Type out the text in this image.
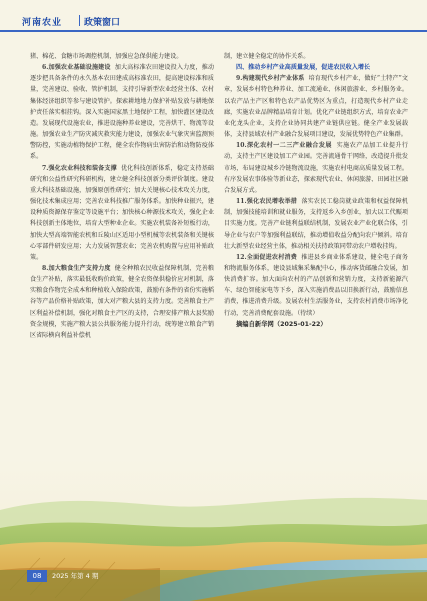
河南农业 政策窗口

猪、棉花、食糖市场调控机制，加强应急保供能力建设。

6.加强农业基础设施建设 加大高标准农田建设投入力度，推动逐步把具备条件的永久基本农田建成高标准农田，提高建设标准和质量，完善建设、验收、管护机制，支持引导新型农业经营主体、农村集体经济组织等参与建设管护。探索耕地地力保护补贴发放与耕地保护责任落实相挂钩。深入实施国家黑土地保护工程，加快灌区建设改造。发展现代设施农业，推进设施种养业建设，完善烘干、物流等设施。加强农业生产防灾减灾救灾能力建设，加强农业气象灾害监测预警防控，实施动植物保护工程，健全农作物病虫害防治和动物防疫体系。

7.强化农业科技和装备支撑 优化科技创新体系，稳定支持基础研究和公益性研究科研机构，建立健全科技创新分类评价制度。建设重大科技基础设施，加强原创性研究；加大关键核心技术攻关力度，强化技术集成应用；完善农业科技推广服务体系。加快种业振兴，建设种质资源保存鉴定等设施平台；加快核心种源技术攻关，强化企业科技创新主体地位，培育大型种业企业。实施农机装备补短板行动，加快大型高端智能农机和丘陵山区适用小型机械等农机装备和关键核心零部件研发应用；大力发展智慧农业；完善农机购置与应用补贴政策。

8.加大粮食生产支持力度 健全种粮农民收益保障机制，完善粮食生产补贴，落实最低收购价政策，健全农资保供稳价应对机制，落实粮食作物完全成本和种植收入保险政策，鼓励有条件的省份实施稻谷等产品价格补贴政策，加大对产粮大县的支持力度。完善粮食主产区利益补偿机制，强化对粮食主产区的支持，合理安排产粮大县奖励资金规模，实施产粮大县公共服务能力提升行动，统筹建立粮食产销区省际横向利益补偿机

制，建立健全稳定的协作关系。

四、推动乡村产业高质量发展，促进农民收入增长

9.构建现代乡村产业体系 培育现代乡村产业，做好“土特产”文章，发展乡村特色种养业、加工流通业、休闲旅游业、乡村服务业。以农产品主产区和特色农产品优势区为重点，打造现代乡村产业走廊，实施农业品牌精品培育计划。优化产业链组织方式，培育农业产业化龙头企业，支持企业协同共建产业链供应链。健全产业发展载体，支持县域农村产业融合发展项目建设，发展优势特色产业集群。

10.深化农村一二三产业融合发展 实施农产品加工业提升行动，支持主产区建设加工产业园。完善流通骨干网络，改造提升批发市场，布局建设城乡冷链物流设施，实施农村电商高质量发展工程。有序发展农事体验等新业态，探索现代农业、休闲旅游、田园社区融合发展方式。

11.强化农民增收举措 落实农民工稳岗就业政策和权益保障机制，加强技能培训和就业服务，支持返乡入乡创业，加大以工代赈项目实施力度。完善产业链利益联结机制，发展农业产业化联合体，引导企业与农户等加强利益联结，推动增值收益分配向农户倾斜。培育壮大新型农业经营主体，推动相关扶持政策同带动农户增收挂钩。

12.全面促进农村消费 推进县乡商业体系建设，健全电子商务和物流服务体系，建设县域集采集配中心，推动客货邮融合发展，加快消费扩容。加大面向农村的产品创新和营销力度，支持新能源汽车、绿色智能家电等下乡，深入实施消费品以旧换新行动，鼓励信息消费，推进消费升级。发展农村生活服务业，支持农村消费市场净化行动，完善消费配套设施。（待续）

摘编自新华网（2025-01-22）

08	2025 年第 4 期
